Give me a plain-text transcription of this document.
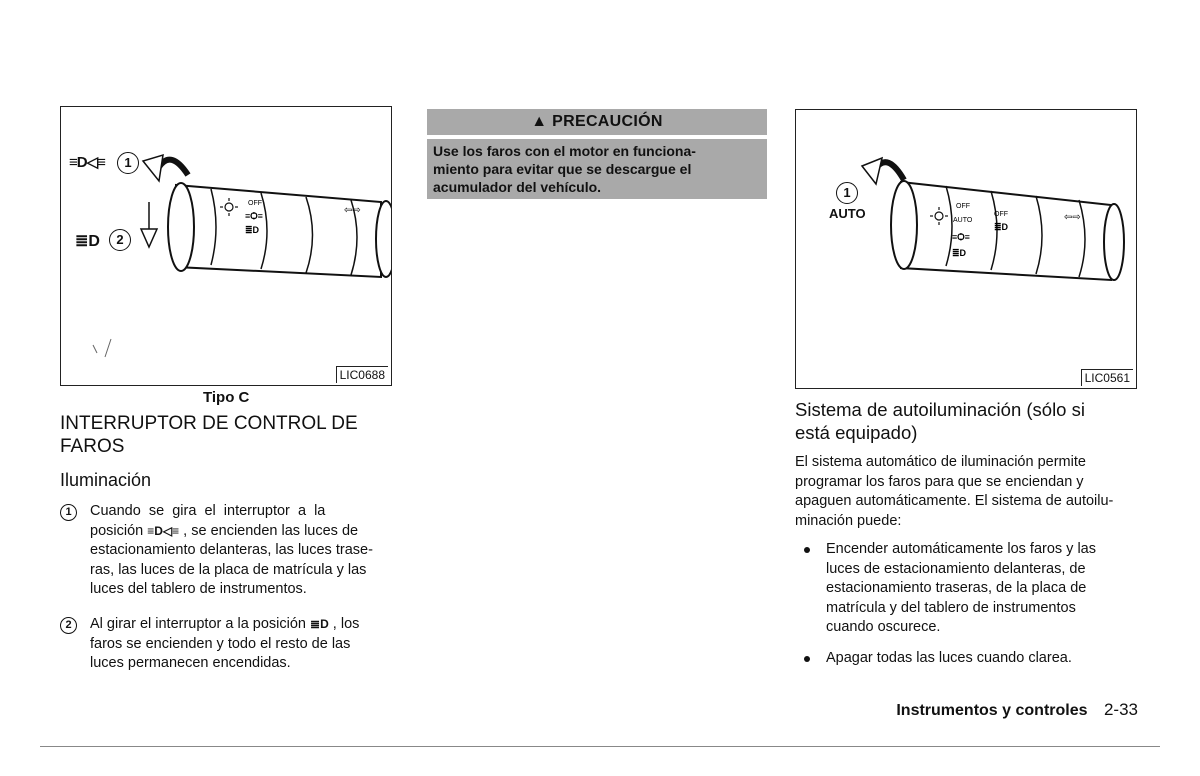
OFF
≡Ѻ≡
≣D
⇦⇨
≡D◁≡	1
≣D	2
LIC0688
Tipo C
INTERRUPTOR DE CONTROL DE
FAROS
Iluminación
1	Cuando  se  gira  el  interruptor  a  la
posición ≡D◁≡ , se encienden las luces de
estacionamiento delanteras, las luces trase-
ras, las luces de la placa de matrícula y las
luces del tablero de instrumentos.
2	Al girar el interruptor a la posición ≣D , los
faros se encienden y todo el resto de las
luces permanecen encendidas.
▲ PRECAUCIÓN
Use los faros con el motor en funciona-
miento para evitar que se descargue el
acumulador del vehículo.
OFF
AUTO
OFF
≡Ѻ≡
≣D
≣D
⇦⇨
1
AUTO
LIC0561
Sistema de autoiluminación (sólo si
está equipado)
El sistema automático de iluminación permite
programar los faros para que se enciendan y
apaguen automáticamente. El sistema de autoilu-
minación puede:
Encender automáticamente los faros y las
luces de estacionamiento delanteras, de
estacionamiento traseras, de la placa de
matrícula y del tablero de instrumentos
cuando oscurece.
Apagar todas las luces cuando clarea.
Instrumentos y controles 2-33
